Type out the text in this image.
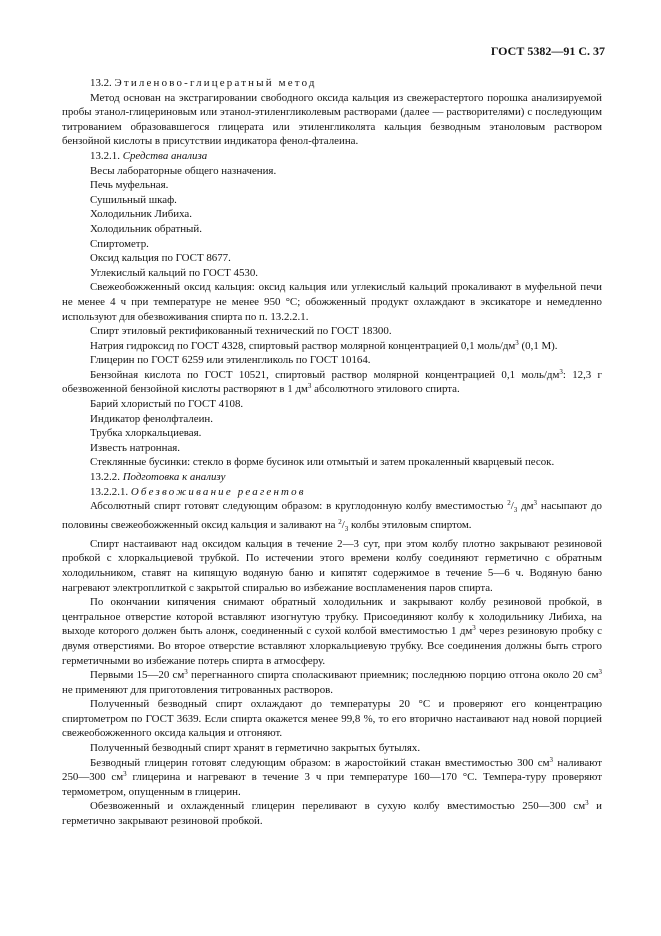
ГОСТ 5382—91 С. 37

13.2. Этиленово-глицератный метод

Метод основан на экстрагировании свободного оксида кальция из свежерастертого порошка анализируемой пробы этанол-глицериновым или этанол-этиленгликолевым растворами (далее — растворителями) с последующим титрованием образовавшегося глицерата или этиленгликолята кальция безводным этаноловым раствором бензойной кислоты в присутствии индикатора фенол-фталеина.

13.2.1. Средства анализа

Весы лабораторные общего назначения.

Печь муфельная.

Сушильный шкаф.

Холодильник Либиха.

Холодильник обратный.

Спиртометр.

Оксид кальция по ГОСТ 8677.

Углекислый кальций по ГОСТ 4530.

Свежеобожженный оксид кальция: оксид кальция или углекислый кальций прокаливают в муфельной печи не менее 4 ч при температуре не менее 950 °С; обожженный продукт охлаждают в эксикаторе и немедленно используют для обезвоживания спирта по п. 13.2.2.1.

Спирт этиловый ректификованный технический по ГОСТ 18300.

Натрия гидроксид по ГОСТ 4328, спиртовый раствор молярной концентрацией 0,1 моль/$дм^3$ (0,1 М).

Глицерин по ГОСТ 6259 или этиленгликоль по ГОСТ 10164.

Бензойная кислота по ГОСТ 10521, спиртовый раствор молярной концентрацией 0,1 моль/$дм^3$: 12,3 г обезвоженной бензойной кислоты растворяют в 1 $дм^3$ абсолютного этилового спирта.

Барий хлористый по ГОСТ 4108.

Индикатор фенолфталеин.

Трубка хлоркальциевая.

Известь натронная.

Стеклянные бусинки: стекло в форме бусинок или отмытый и затем прокаленный кварцевый песок.

13.2.2. Подготовка к анализу

13.2.2.1. Обезвоживание реагентов

Абсолютный спирт готовят следующим образом: в круглодонную колбу вместимостью $^2/_3$ $дм^3$ насыпают до половины свежеобожженный оксид кальция и заливают на $^2/_3$ колбы этиловым спиртом.

Спирт настаивают над оксидом кальция в течение 2—3 сут, при этом колбу плотно закрывают резиновой пробкой с хлоркальциевой трубкой. По истечении этого времени колбу соединяют герметично с обратным холодильником, ставят на кипящую водяную баню и кипятят содержимое в течение 5—6 ч. Водяную баню нагревают электроплиткой с закрытой спиралью во избежание воспламенения паров спирта.

По окончании кипячения снимают обратный холодильник и закрывают колбу резиновой пробкой, в центральное отверстие которой вставляют изогнутую трубку. Присоединяют колбу к холодильнику Либиха, на выходе которого должен быть алонж, соединенный с сухой колбой вместимостью 1 $дм^3$ через резиновую пробку с двумя отверстиями. Во второе отверстие вставляют хлоркальциевую трубку. Все соединения должны быть строго герметичными во избежание потерь спирта в атмосферу.

Первыми 15—20 $см^3$ перегнанного спирта споласкивают приемник; последнюю порцию отгона около 20 $см^3$ не применяют для приготовления титрованных растворов.

Полученный безводный спирт охлаждают до температуры 20 °С и проверяют его концентрацию спиртометром по ГОСТ 3639. Если спирта окажется менее 99,8 %, то его вторично настаивают над новой порцией свежеобожженного оксида кальция и отгоняют.

Полученный безводный спирт хранят в герметично закрытых бутылях.

Безводный глицерин готовят следующим образом: в жаростойкий стакан вместимостью 300 $см^3$ наливают 250—300 $см^3$ глицерина и нагревают в течение 3 ч при температуре 160—170 °С. Темпера-туру проверяют термометром, опущенным в глицерин.

Обезвоженный и охлажденный глицерин переливают в сухую колбу вместимостью 250—300 $см^3$ и герметично закрывают резиновой пробкой.
